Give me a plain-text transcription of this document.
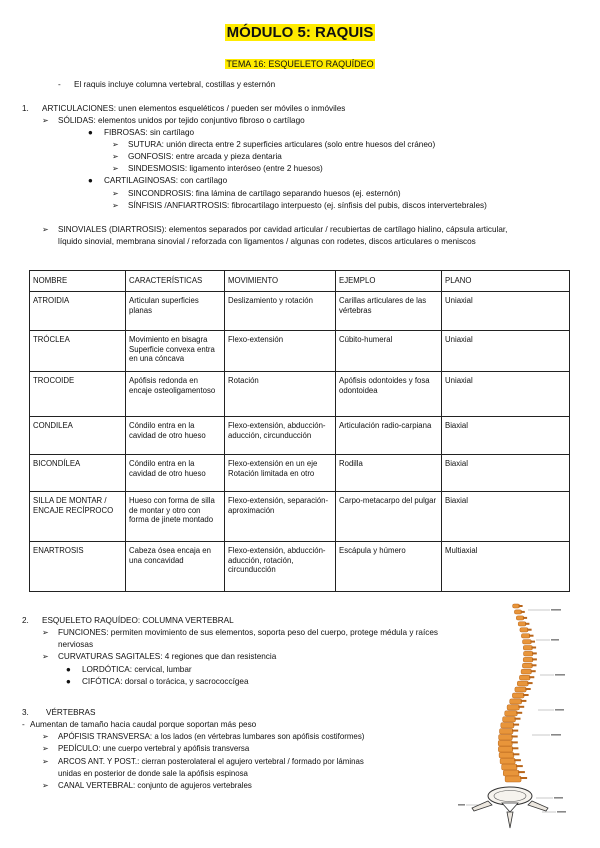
MÓDULO 5: RAQUIS
TEMA 16: ESQUELETO RAQUÍDEO
- El raquis incluye columna vertebral, costillas y esternón
1. ARTICULACIONES: unen elementos esqueléticos / pueden ser móviles o inmóviles
➢ SÓLIDAS: elementos unidos por tejido conjuntivo fibroso o cartílago
● FIBROSAS: sin cartílago
➢ SUTURA: unión directa entre 2 superficies articulares (solo entre huesos del cráneo)
➢ GONFOSIS: entre arcada y pieza dentaria
➢ SINDESMOSIS: ligamento interóseo (entre 2 huesos)
● CARTILAGINOSAS: con cartílago
➢ SINCONDROSIS: fina lámina de cartílago separando huesos (ej. esternón)
➢ SÍNFISIS /ANFIARTROSIS: fibrocartílago interpuesto (ej. sínfisis del pubis, discos intervertebrales)
➢ SINOVIALES (DIARTROSIS): elementos separados por cavidad articular / recubiertas de cartílago hialino, cápsula articular,
líquido sinovial, membrana sinovial / reforzada con ligamentos / algunas con rodetes, discos articulares o meniscos
NOMBRE	CARACTERÍSTICAS	MOVIMIENTO	EJEMPLO	PLANO
ATROIDIA	Articulan superficies planas	Deslizamiento y rotación	Carillas articulares de las vértebras	Uniaxial
TRÓCLEA	Movimiento en bisagra
Superficie convexa entra en una cóncava	Flexo-extensión	Cúbito-humeral	Uniaxial
TROCOIDE	Apófisis redonda en encaje osteoligamentoso	Rotación	Apófisis odontoides y fosa odontoidea	Uniaxial
CONDILEA	Cóndilo entra en la cavidad de otro hueso	Flexo-extensión, abducción-aducción, circunducción	Articulación radio-carpiana	Biaxial
BICONDÍLEA	Cóndilo entra en la cavidad de otro hueso	Flexo-extensión en un eje
Rotación limitada en otro	Rodilla	Biaxial
SILLA DE MONTAR / ENCAJE RECÍPROCO	Hueso con forma de silla de montar y otro con forma de jinete montado	Flexo-extensión, separación-aproximación	Carpo-metacarpo del pulgar	Biaxial
ENARTROSIS	Cabeza ósea encaja en una concavidad	Flexo-extensión, abducción-aducción, rotación, circunducción	Escápula y húmero	Multiaxial
2. ESQUELETO RAQUÍDEO: COLUMNA VERTEBRAL
➢ FUNCIONES: permiten movimiento de sus elementos, soporta peso del cuerpo, protege médula y raíces
nerviosas
➢ CURVATURAS SAGITALES: 4 regiones que dan resistencia
● LORDÓTICA: cervical, lumbar
● CIFÓTICA: dorsal o torácica, y sacrococcígea
3. VÉRTEBRAS
- Aumentan de tamaño hacia caudal porque soportan más peso
➢ APÓFISIS TRANSVERSA: a los lados (en vértebras lumbares son apófisis costiformes)
➢ PEDÍCULO: une cuerpo vertebral y apófisis transversa
➢ ARCOS ANT. Y POST.: cierran posterolateral el agujero vertebral / formado por láminas
unidas en posterior de donde sale la apófisis espinosa
➢ CANAL VERTEBRAL: conjunto de agujeros vertebrales
